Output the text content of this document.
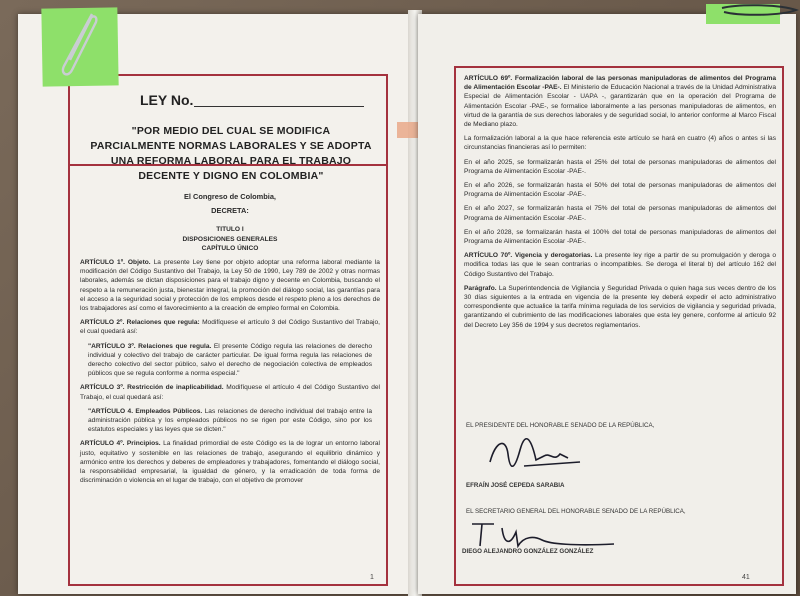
LEY No.
"POR MEDIO DEL CUAL SE MODIFICA PARCIALMENTE NORMAS LABORALES Y SE ADOPTA UNA REFORMA LABORAL PARA EL TRABAJO DECENTE Y DIGNO EN COLOMBIA"

El Congreso de Colombia,

DECRETA:

TITULO I

DISPOSICIONES GENERALES

CAPÍTULO ÚNICO

ARTÍCULO 1º. Objeto. La presente Ley tiene por objeto adoptar una reforma laboral mediante la modificación del Código Sustantivo del Trabajo, la Ley 50 de 1990, Ley 789 de 2002 y otras normas laborales, además se dictan disposiciones para el trabajo digno y decente en Colombia, buscando el respeto a la remuneración justa, bienestar integral, la promoción del diálogo social, las garantías para el acceso a la seguridad social y protección de los empleos desde el respeto pleno a los derechos de los trabajadores así como el favorecimiento a la creación de empleo formal en Colombia.

ARTÍCULO 2º. Relaciones que regula: Modifíquese el artículo 3 del Código Sustantivo del Trabajo, el cual quedará así:

"ARTÍCULO 3º. Relaciones que regula. El presente Código regula las relaciones de derecho individual y colectivo del trabajo de carácter particular. De igual forma regula las relaciones de derecho colectivo del sector público, salvo el derecho de negociación colectiva de empleados públicos que se regula conforme a norma especial."

ARTÍCULO 3º. Restricción de inaplicabilidad. Modifíquese el artículo 4 del Código Sustantivo del Trabajo, el cual quedará así:

"ARTÍCULO 4. Empleados Públicos. Las relaciones de derecho individual del trabajo entre la administración pública y los empleados públicos no se rigen por este Código, sino por los estatutos especiales y las leyes que se dicten."

ARTÍCULO 4º. Principios. La finalidad primordial de este Código es la de lograr un entorno laboral justo, equitativo y sostenible en las relaciones de trabajo, asegurando el equilibrio dinámico y armónico entre los derechos y deberes de empleadores y trabajadores, fomentando el diálogo social, la responsabilidad empresarial, la igualdad de género, y la erradicación de toda forma de discriminación o violencia en el lugar de trabajo, con el objetivo de promover

1

ARTÍCULO 69º. Formalización laboral de las personas manipuladoras de alimentos del Programa de Alimentación Escolar -PAE-. El Ministerio de Educación Nacional a través de la Unidad Administrativa Especial de Alimentación Escolar - UAPA -, garantizarán que en la operación del Programa de Alimentación Escolar -PAE-, se formalice laboralmente a las personas manipuladoras de alimentos, en virtud de la garantía de sus derechos laborales y de seguridad social, lo anterior conforme al Marco Fiscal de Mediano plazo.

La formalización laboral a la que hace referencia este artículo se hará en cuatro (4) años o antes si las circunstancias financieras así lo permiten:

En el año 2025, se formalizarán hasta el 25% del total de personas manipuladoras de alimentos del Programa de Alimentación Escolar -PAE-.

En el año 2026, se formalizarán hasta el 50% del total de personas manipuladoras de alimentos del Programa de Alimentación Escolar -PAE-.

En el año 2027, se formalizarán hasta el 75% del total de personas manipuladoras de alimentos del Programa de Alimentación Escolar -PAE-.

En el año 2028, se formalizarán hasta el 100% del total de personas manipuladoras de alimentos del Programa de Alimentación Escolar -PAE-.

ARTÍCULO 70º. Vigencia y derogatorias. La presente ley rige a partir de su promulgación y deroga o modifica todas las que le sean contrarias o incompatibles. Se deroga el literal b) del artículo 162 del Código Sustantivo del Trabajo.

Parágrafo. La Superintendencia de Vigilancia y Seguridad Privada o quien haga sus veces dentro de los 30 días siguientes a la entrada en vigencia de la presente ley deberá expedir el acto administrativo correspondiente que actualice la tarifa mínima regulada de los servicios de vigilancia y seguridad privada, garantizando el cubrimiento de las modificaciones laborales que esta ley genere, conforme al artículo 92 del Decreto Ley 356 de 1994 y sus decretos reglamentarios.

EL PRESIDENTE DEL HONORABLE SENADO DE LA REPÚBLICA,
EFRAÍN JOSÉ CEPEDA SARABIA
EL SECRETARIO GENERAL DEL HONORABLE SENADO DE LA REPÚBLICA,
DIEGO ALEJANDRO GONZÁLEZ GONZÁLEZ
41
